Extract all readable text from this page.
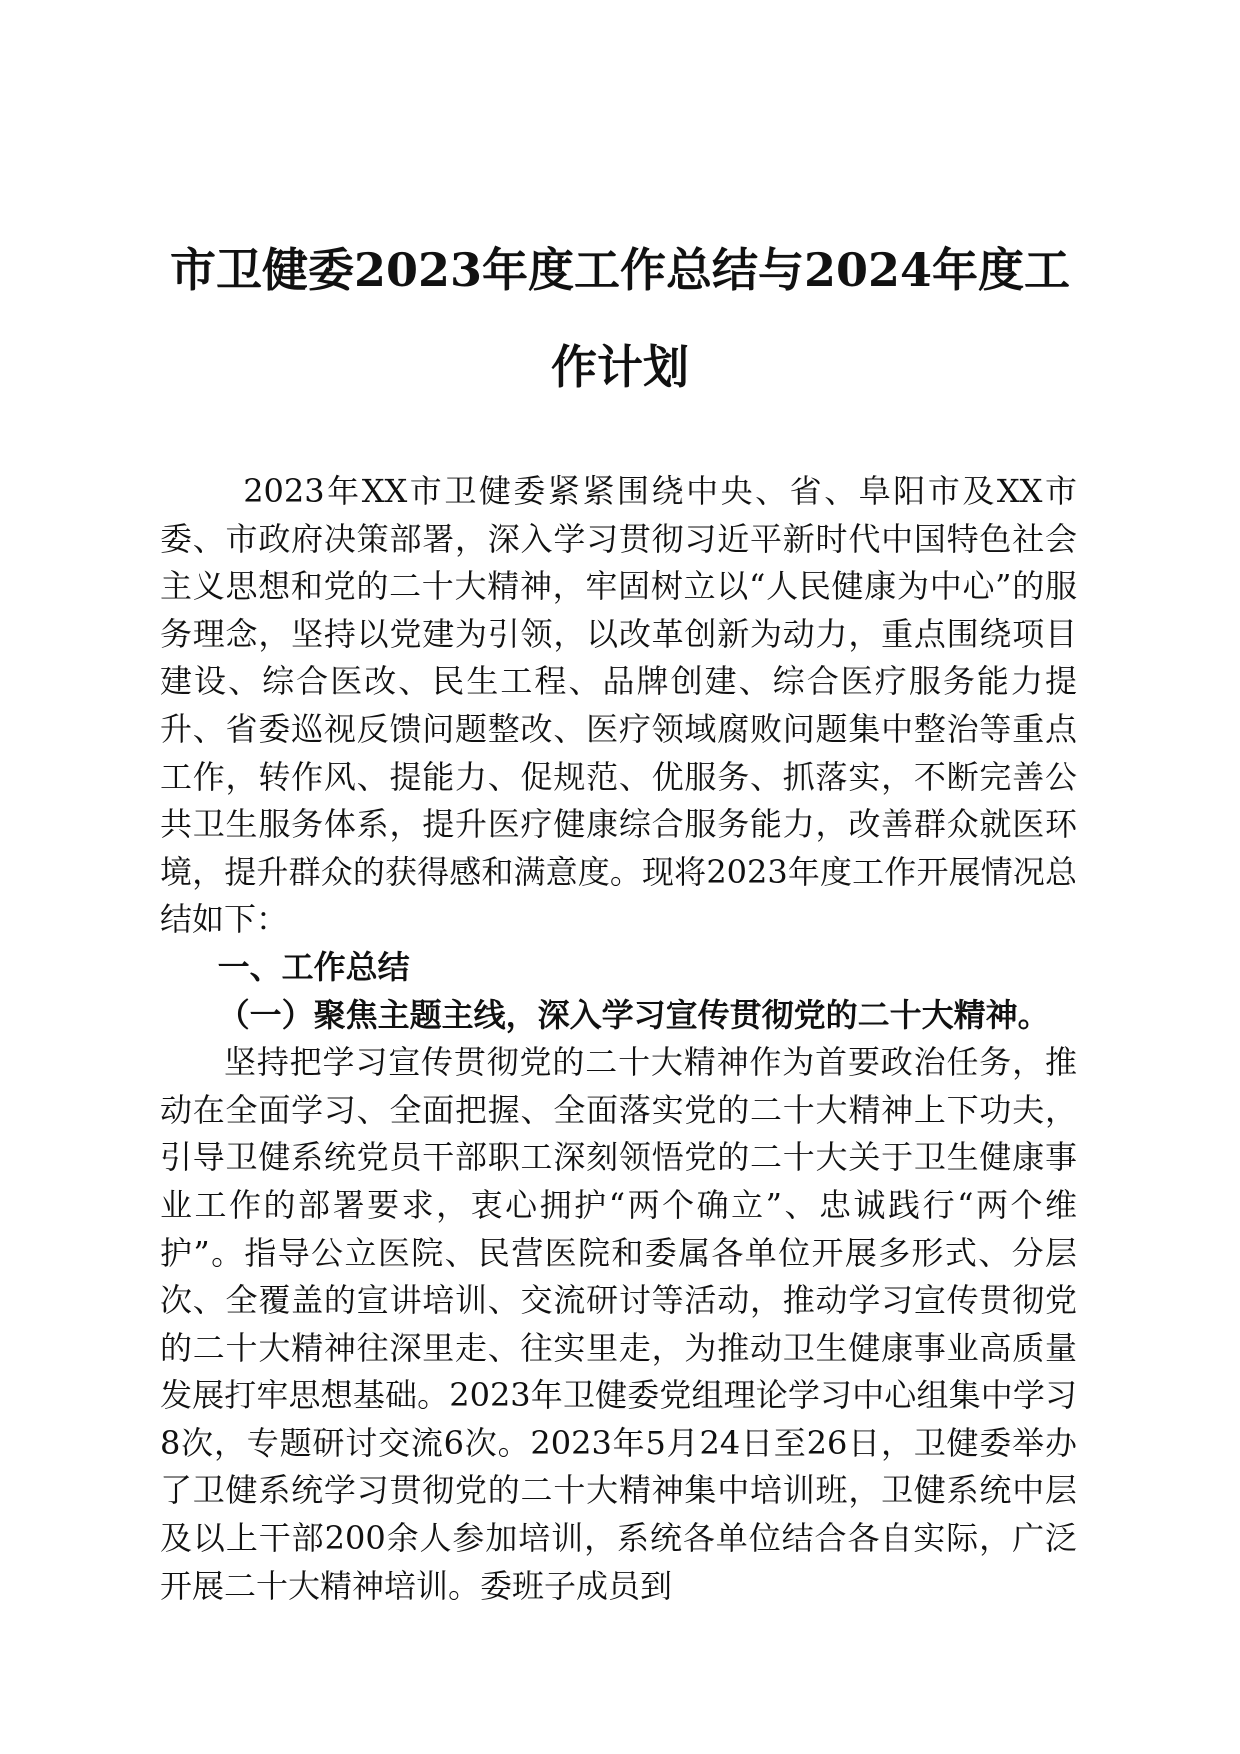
市卫健委2023年度工作总结与2024年度工作计划

2023年XX市卫健委紧紧围绕中央、省、阜阳市及XX市委、市政府决策部署，深入学习贯彻习近平新时代中国特色社会主义思想和党的二十大精神，牢固树立以“人民健康为中心”的服务理念，坚持以党建为引领，以改革创新为动力，重点围绕项目建设、综合医改、民生工程、品牌创建、综合医疗服务能力提升、省委巡视反馈问题整改、医疗领域腐败问题集中整治等重点工作，转作风、提能力、促规范、优服务、抓落实，不断完善公共卫生服务体系，提升医疗健康综合服务能力，改善群众就医环境，提升群众的获得感和满意度。现将2023年度工作开展情况总结如下：

一、工作总结
（一）聚焦主题主线，深入学习宣传贯彻党的二十大精神。

坚持把学习宣传贯彻党的二十大精神作为首要政治任务，推动在全面学习、全面把握、全面落实党的二十大精神上下功夫，引导卫健系统党员干部职工深刻领悟党的二十大关于卫生健康事业工作的部署要求，衷心拥护“两个确立”、忠诚践行“两个维护”。指导公立医院、民营医院和委属各单位开展多形式、分层次、全覆盖的宣讲培训、交流研讨等活动，推动学习宣传贯彻党的二十大精神往深里走、往实里走，为推动卫生健康事业高质量发展打牢思想基础。2023年卫健委党组理论学习中心组集中学习8次，专题研讨交流6次。2023年5月24日至26日，卫健委举办了卫健系统学习贯彻党的二十大精神集中培训班，卫健系统中层及以上干部200余人参加培训，系统各单位结合各自实际，广泛开展二十大精神培训。委班子成员到
